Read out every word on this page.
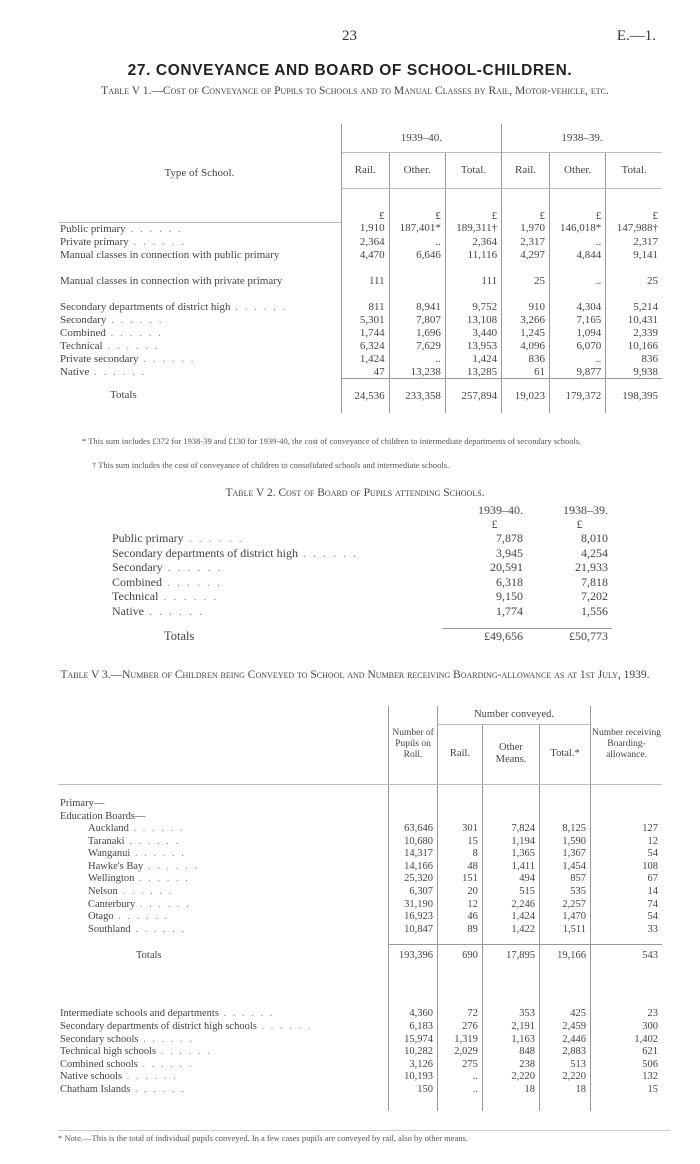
23	E.—1.
27. CONVEYANCE AND BOARD OF SCHOOL-CHILDREN.
Table V 1.—Cost of Conveyance of Pupils to Schools and to Manual Classes by Rail, Motor-vehicle, etc.
Type of School.	1939–40.			1938–39.		
	Rail.	Other.	Total.	Rail.	Other.	Total.
	£	£	£	£	£	£
Public primary . . . . . .	1,910	187,401*	189,311†	1,970	146,018*	147,988†
Private primary . . . . . .	2,364	..	2,364	2,317	..	2,317
Manual classes in connection with public primary	4,470	6,646	11,116	4,297	4,844	9,141
Manual classes in connection with private primary	111		111	25	..	25
Secondary departments of district high . . . . . .	811	8,941	9,752	910	4,304	5,214
Secondary . . . . . .	5,301	7,807	13,108	3,266	7,165	10,431
Combined . . . . . .	1,744	1,696	3,440	1,245	1,094	2,339
Technical . . . . . .	6,324	7,629	13,953	4,096	6,070	10,166
Private secondary . . . . . .	1,424	..	1,424	836	..	836
Native . . . . . .	47	13,238	13,285	61	9,877	9,938
Totals	24,536	233,358	257,894	19,023	179,372	198,395
* This sum includes £372 for 1938-39 and £130 for 1939-40, the cost of conveyance of children to intermediate departments of secondary schools.
† This sum includes the cost of conveyance of children to consolidated schools and intermediate schools.
Table V 2. Cost of Board of Pupils attending Schools.
	1939–40.	1938–39.
	£	£
Public primary . . . . . .	7,878	8,010
Secondary departments of district high . . . . . .	3,945	4,254
Secondary . . . . . .	20,591	21,933
Combined . . . . . .	6,318	7,818
Technical . . . . . .	9,150	7,202
Native . . . . . .	1,774	1,556

Totals	£49,656	£50,773
Table V 3.—Number of Children being Conveyed to School and Number receiving Boarding-allowance as at 1st July, 1939.
	Number of Pupils on Roll.	Number conveyed.			Number receiving Boarding-allowance.
		Rail.	Other Means.	Total.*	

Primary—					
Education Boards—					
Auckland . . . . . .	63,646	301	7,824	8,125	127
Taranaki . . . . . .	10,680	15	1,194	1,590	12
Wanganui . . . . . .	14,317	8	1,365	1,367	54
Hawke's Bay . . . . . .	14,166	48	1,411	1,454	108
Wellington . . . . . .	25,320	151	494	857	67
Nelson . . . . . .	6,307	20	515	535	14
Canterbury . . . . . .	31,190	12	2,246	2,257	74
Otago . . . . . .	16,923	46	1,424	1,470	54
Southland . . . . . .	10,847	89	1,422	1,511	33

Totals	193,396	690	17,895	19,166	543

Intermediate schools and departments . . . . . .	4,360	72	353	425	23
Secondary departments of district high schools . . . . . .	6,183	276	2,191	2,459	300
Secondary schools . . . . . .	15,974	1,319	1,163	2,446	1,402
Technical high schools . . . . . .	10,282	2,029	848	2,883	621
Combined schools . . . . . .	3,126	275	238	513	506
Native schools . . . . . .	10,193	..	2,220	2,220	132
Chatham Islands . . . . . .	150	..	18	18	15

* Note.—This is the total of individual pupils conveyed. In a few cases pupils are conveyed by rail, also by other means.
